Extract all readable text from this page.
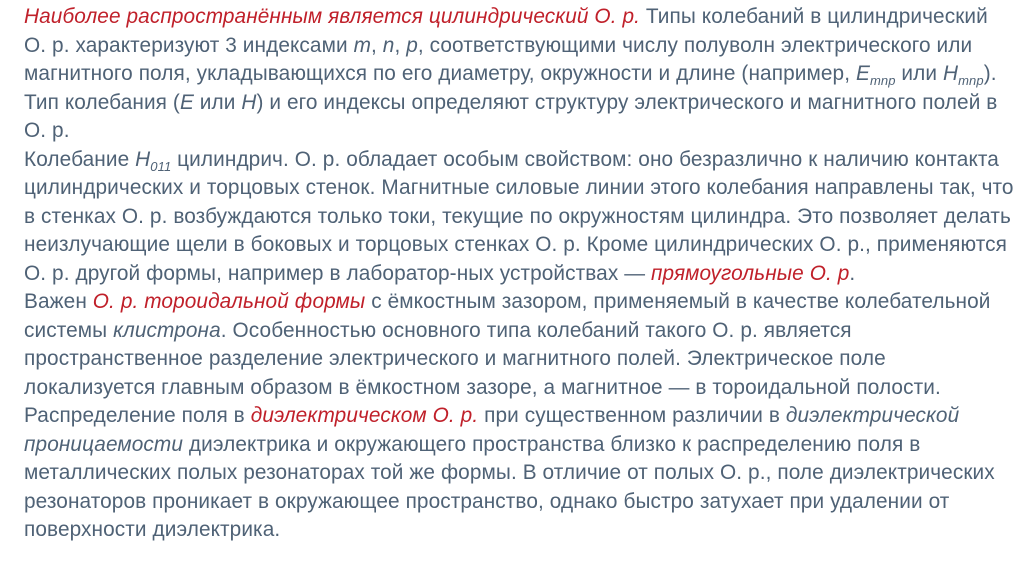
Наиболее распространённым является цилиндрический О. р. Типы колебаний в цилиндрический О. р. характеризуют 3 индексами m, n, p, соответствующими числу полуволн электрического или магнитного поля, укладывающихся по его диаметру, окружности и длине (например, $E_{mnp}$ или $H_{mnp}$). Тип колебания (E или H) и его индексы определяют структуру электрического и магнитного полей в О. р.

Колебание $H_{011}$ цилиндрич. О. р. обладает особым свойством: оно безразлично к наличию контакта цилиндрических и торцовых стенок. Магнитные силовые линии этого колебания направлены так, что в стенках О. р. возбуждаются только токи, текущие по окружностям цилиндра. Это позволяет делать неизлучающие щели в боковых и торцовых стенках О. р. Кроме цилиндрических О. р., применяются О. р. другой формы, например в лаборатор-ных устройствах — прямоугольные О. р.

Важен О. р. тороидальной формы с ёмкостным зазором, применяемый в качестве колебательной системы клистрона. Особенностью основного типа колебаний такого О. р. является пространственное разделение электрического и магнитного полей. Электрическое поле локализуется главным образом в ёмкостном зазоре, а магнитное — в тороидальной полости. Распределение поля в диэлектрическом О. р. при существенном различии в диэлектрической проницаемости диэлектрика и окружающего пространства близко к распределению поля в металлических полых резонаторах той же формы. В отличие от полых О. р., поле диэлектрических резонаторов проникает в окружающее пространство, однако быстро затухает при удалении от поверхности диэлектрика.
